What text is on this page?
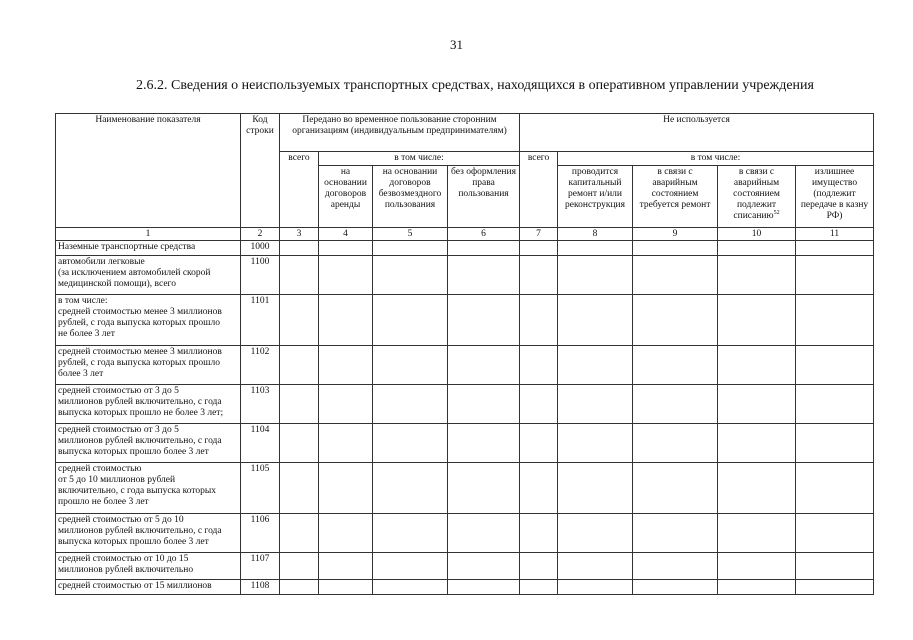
31
2.6.2. Сведения о неиспользуемых транспортных средствах, находящихся в оперативном управлении учреждения
Наименование показателя	Код строки	Передано во временное пользование сторонним организациям (индивидуальным предпринимателям)				Не используется				
		всего	в том числе:			всего	в том числе:			
			на основании договоров аренды	на основании договоров безвозмездного пользования	без оформления права пользования		проводится капитальный ремонт и/или реконструкция	в связи с аварийным состоянием требуется ремонт	в связи с аварийным состоянием подлежит списанию$^{52}$	излишнее имущество (подлежит передаче в казну РФ)
1	2	3	4	5	6	7	8	9	10	11
Наземные транспортные средства	1000									
автомобили легковые
(за исключением автомобилей скорой
медицинской помощи), всего	1100									
в том числе:
средней стоимостью менее 3 миллионов
рублей, с года выпуска которых прошло
не более 3 лет	1101									
средней стоимостью менее 3 миллионов
рублей, с года выпуска которых прошло
более 3 лет	1102									
средней стоимостью от 3 до 5
миллионов рублей включительно, с года
выпуска которых прошло не более 3 лет;	1103									
средней стоимостью от 3 до 5
миллионов рублей включительно, с года
выпуска которых прошло более 3 лет	1104									
средней стоимостью
от 5 до 10 миллионов рублей
включительно, с года выпуска которых
прошло не более 3 лет	1105									
средней стоимостью от 5 до 10
миллионов рублей включительно, с года
выпуска которых прошло более 3 лет	1106									
средней стоимостью от 10 до 15
миллионов рублей включительно	1107									
средней стоимостью от 15 миллионов	1108									
